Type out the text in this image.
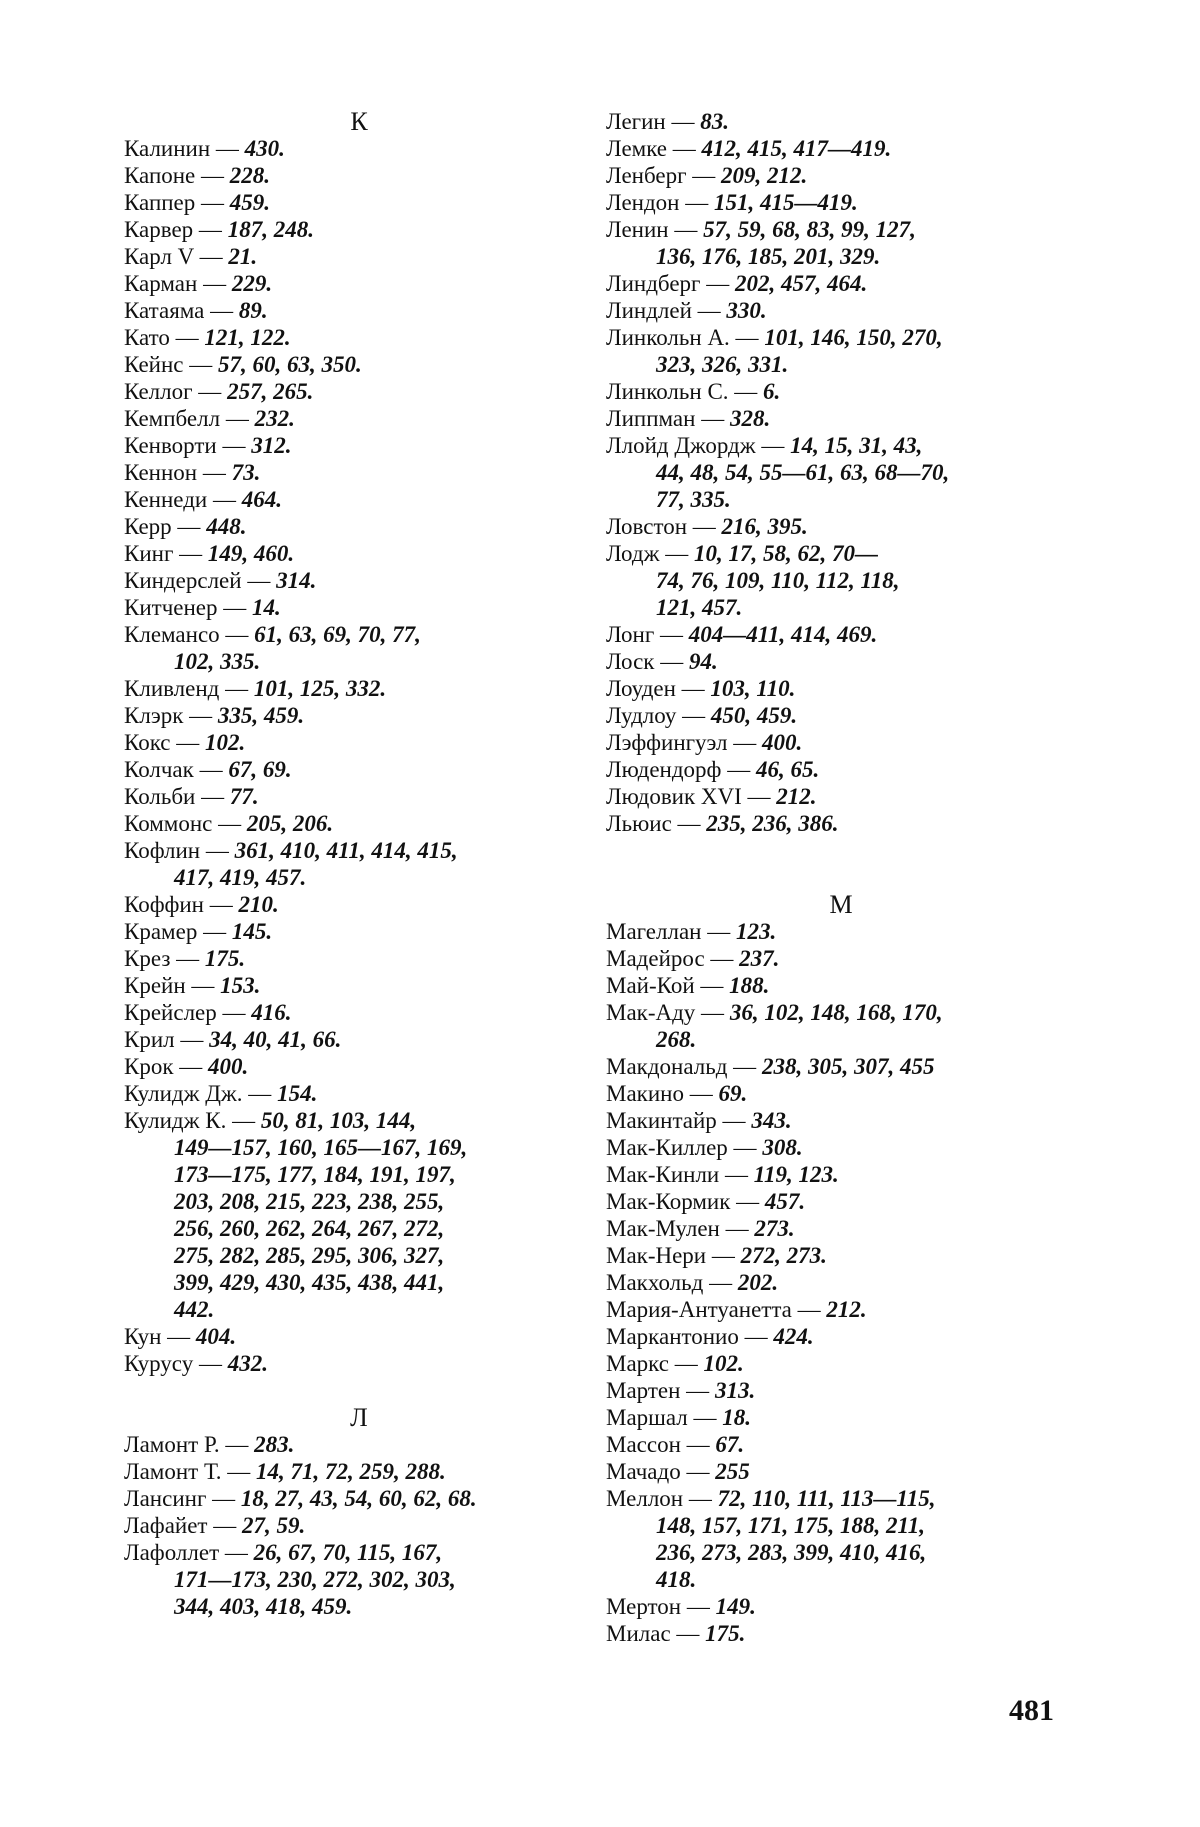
К
Калинин — 430.
Капоне — 228.
Каппер — 459.
Карвер — 187, 248.
Карл V — 21.
Карман — 229.
Катаяма — 89.
Като — 121, 122.
Кейнс — 57, 60, 63, 350.
Келлог — 257, 265.
Кемпбелл — 232.
Кенворти — 312.
Кеннон — 73.
Кеннеди — 464.
Керр — 448.
Кинг — 149, 460.
Киндерслей — 314.
Китченер — 14.
Клемансо — 61, 63, 69, 70, 77,
102, 335.
Кливленд — 101, 125, 332.
Клэрк — 335, 459.
Кокс — 102.
Колчак — 67, 69.
Кольби — 77.
Коммонс — 205, 206.
Кофлин — 361, 410, 411, 414, 415,
417, 419, 457.
Коффин — 210.
Крамер — 145.
Крез — 175.
Крейн — 153.
Крейслер — 416.
Крил — 34, 40, 41, 66.
Крок — 400.
Кулидж Дж. — 154.
Кулидж К. — 50, 81, 103, 144,
149—157, 160, 165—167, 169,
173—175, 177, 184, 191, 197,
203, 208, 215, 223, 238, 255,
256, 260, 262, 264, 267, 272,
275, 282, 285, 295, 306, 327,
399, 429, 430, 435, 438, 441,
442.
Кун — 404.
Курусу — 432.
Л
Ламонт Р. — 283.
Ламонт Т. — 14, 71, 72, 259, 288.
Лансинг — 18, 27, 43, 54, 60, 62, 68.
Лафайет — 27, 59.
Лафоллет — 26, 67, 70, 115, 167,
171—173, 230, 272, 302, 303,
344, 403, 418, 459.
Легин — 83.
Лемке — 412, 415, 417—419.
Ленберг — 209, 212.
Лендон — 151, 415—419.
Ленин — 57, 59, 68, 83, 99, 127,
136, 176, 185, 201, 329.
Линдберг — 202, 457, 464.
Линдлей — 330.
Линкольн А. — 101, 146, 150, 270,
323, 326, 331.
Линкольн С. — 6.
Липпман — 328.
Ллойд Джордж — 14, 15, 31, 43,
44, 48, 54, 55—61, 63, 68—70,
77, 335.
Ловстон — 216, 395.
Лодж — 10, 17, 58, 62, 70—
74, 76, 109, 110, 112, 118,
121, 457.
Лонг — 404—411, 414, 469.
Лоск — 94.
Лоуден — 103, 110.
Лудлоу — 450, 459.
Лэффингуэл — 400.
Людендорф — 46, 65.
Людовик XVI — 212.
Льюис — 235, 236, 386.
М
Магеллан — 123.
Мадейрос — 237.
Май-Кой — 188.
Мак-Аду — 36, 102, 148, 168, 170,
268.
Макдональд — 238, 305, 307, 455
Макино — 69.
Макинтайр — 343.
Мак-Киллер — 308.
Мак-Кинли — 119, 123.
Мак-Кормик — 457.
Мак-Мулен — 273.
Мак-Нери — 272, 273.
Макхольд — 202.
Мария-Антуанетта — 212.
Маркантонио — 424.
Маркс — 102.
Мартен — 313.
Маршал — 18.
Массон — 67.
Мачадо — 255
Меллон — 72, 110, 111, 113—115,
148, 157, 171, 175, 188, 211,
236, 273, 283, 399, 410, 416,
418.
Мертон — 149.
Милас — 175.
481
